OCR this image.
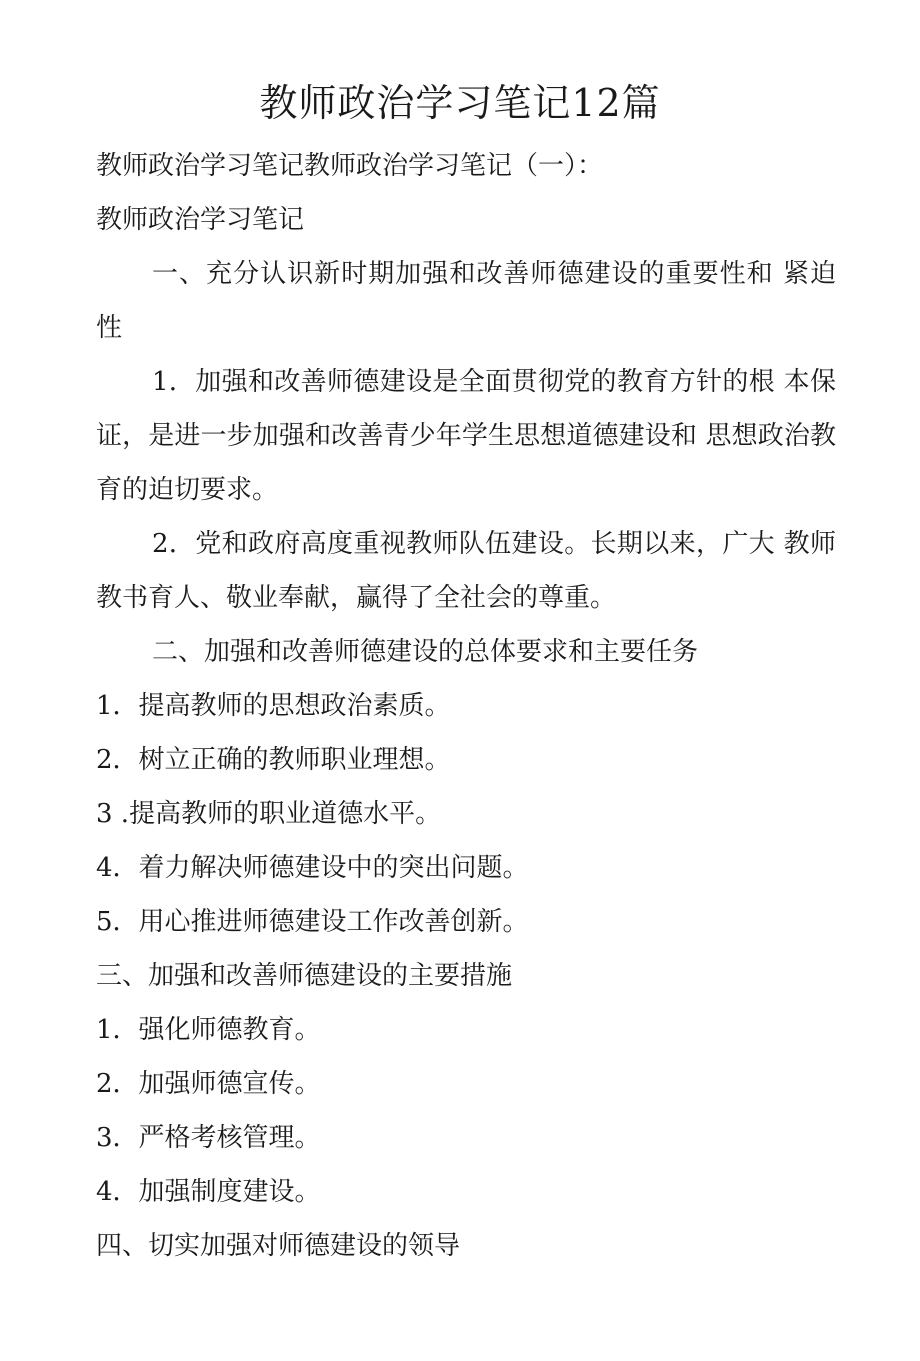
教师政治学习笔记12篇

教师政治学习笔记教师政治学习笔记（一）：

教师政治学习笔记

一、充分认识新时期加强和改善师德建设的重要性和 紧迫性

1．加强和改善师德建设是全面贯彻党的教育方针的根 本保证，是进一步加强和改善青少年学生思想道德建设和 思想政治教育的迫切要求。

2．党和政府高度重视教师队伍建设。长期以来，广大 教师教书育人、敬业奉献，赢得了全社会的尊重。

二、加强和改善师德建设的总体要求和主要任务

1．提高教师的思想政治素质。

2．树立正确的教师职业理想。

3 .提高教师的职业道德水平。

4．着力解决师德建设中的突出问题。

5．用心推进师德建设工作改善创新。

三、加强和改善师德建设的主要措施

1．强化师德教育。

2．加强师德宣传。

3．严格考核管理。

4．加强制度建设。

四、切实加强对师德建设的领导
